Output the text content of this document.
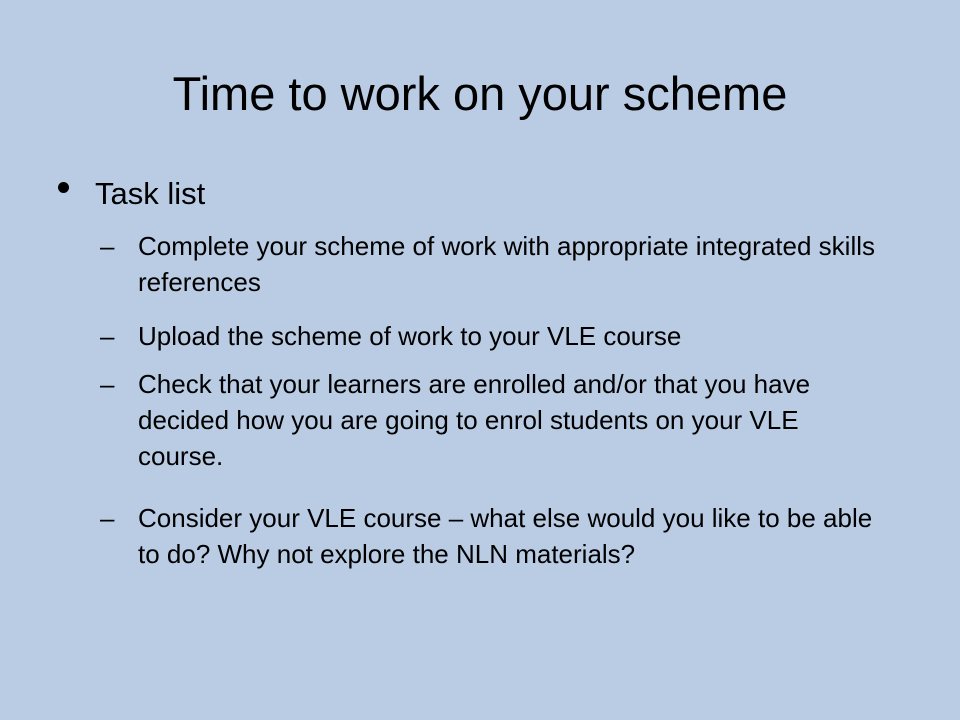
Time to work on your scheme
Task list
– Complete your scheme of work with appropriate integrated skills references
– Upload the scheme of work to your VLE course
– Check that your learners are enrolled and/or that you have decided how you are going to enrol students on your VLE course.
– Consider your VLE course – what else would you like to be able to do? Why not explore the NLN materials?
